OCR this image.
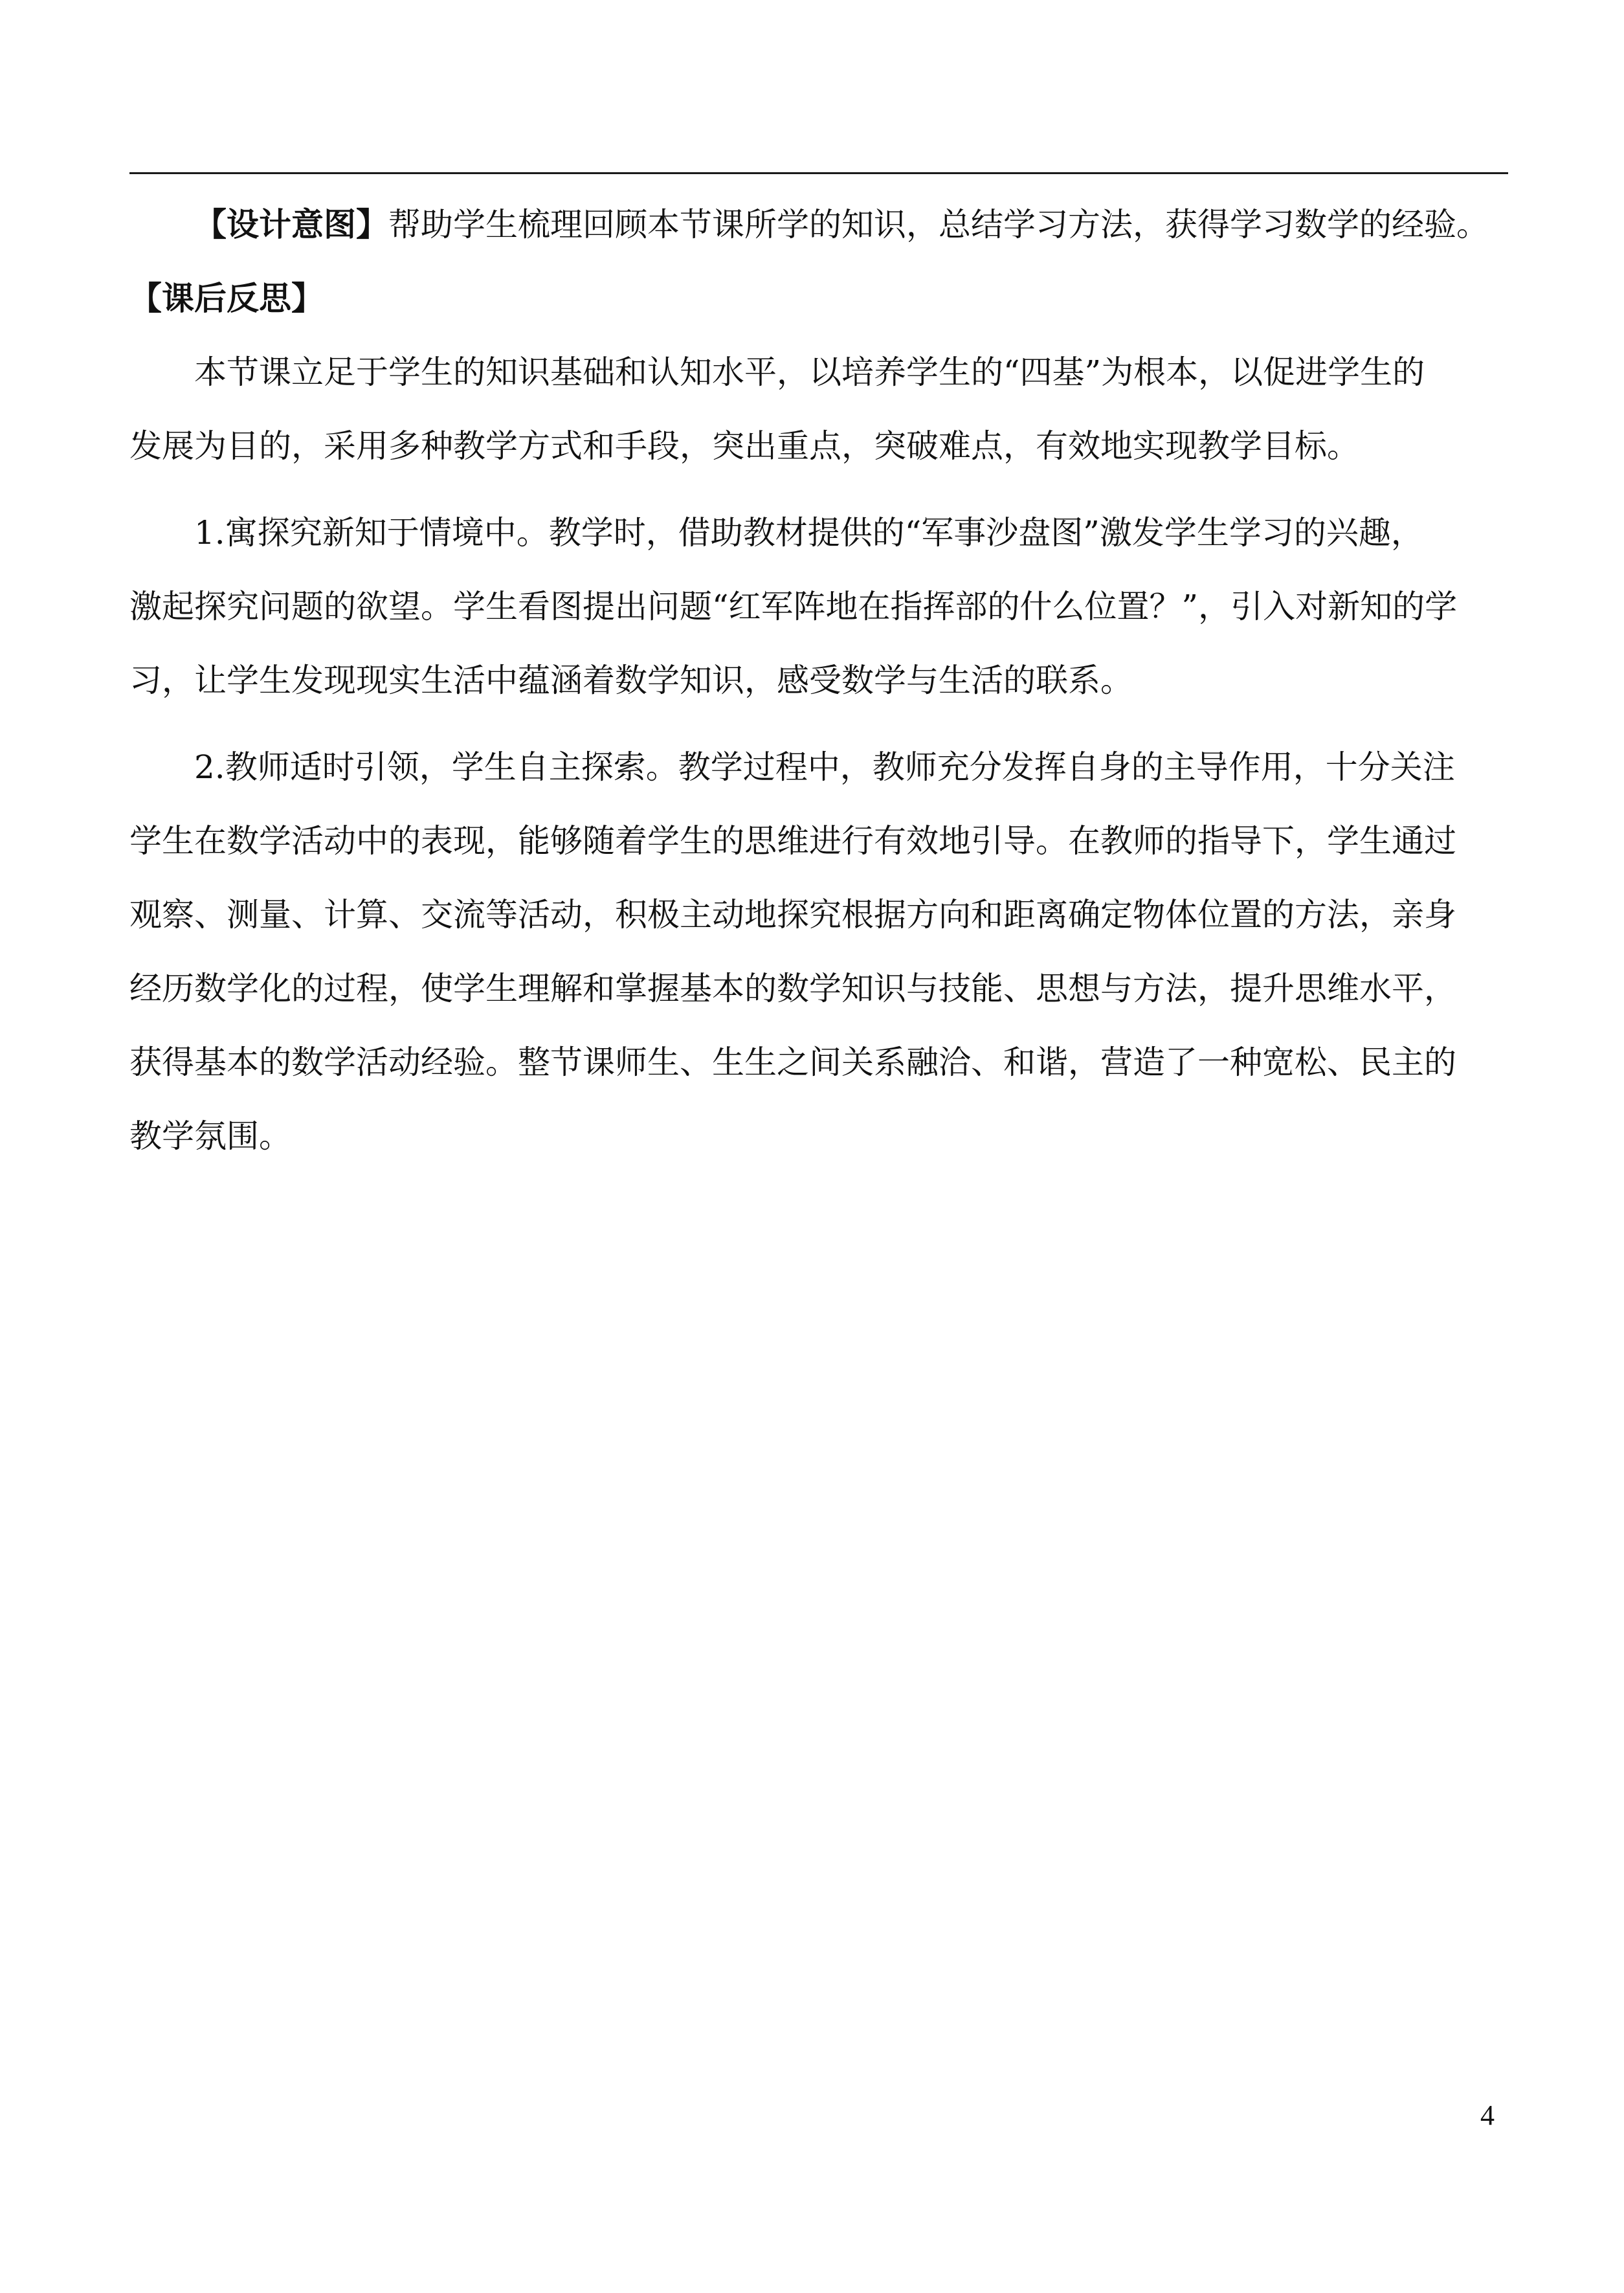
【设计意图】帮助学生梳理回顾本节课所学的知识，总结学习方法，获得学习数学的经验。
【课后反思】
本节课立足于学生的知识基础和认知水平，以培养学生的“四基”为根本，以促进学生的
发展为目的，采用多种教学方式和手段，突出重点，突破难点，有效地实现教学目标。
1.寓探究新知于情境中。教学时，借助教材提供的“军事沙盘图”激发学生学习的兴趣，
激起探究问题的欲望。学生看图提出问题“红军阵地在指挥部的什么位置？”，引入对新知的学
习，让学生发现现实生活中蕴涵着数学知识，感受数学与生活的联系。
2.教师适时引领，学生自主探索。教学过程中，教师充分发挥自身的主导作用，十分关注
学生在数学活动中的表现，能够随着学生的思维进行有效地引导。在教师的指导下，学生通过
观察、测量、计算、交流等活动，积极主动地探究根据方向和距离确定物体位置的方法，亲身
经历数学化的过程，使学生理解和掌握基本的数学知识与技能、思想与方法，提升思维水平，
获得基本的数学活动经验。整节课师生、生生之间关系融洽、和谐，营造了一种宽松、民主的
教学氛围。
4
